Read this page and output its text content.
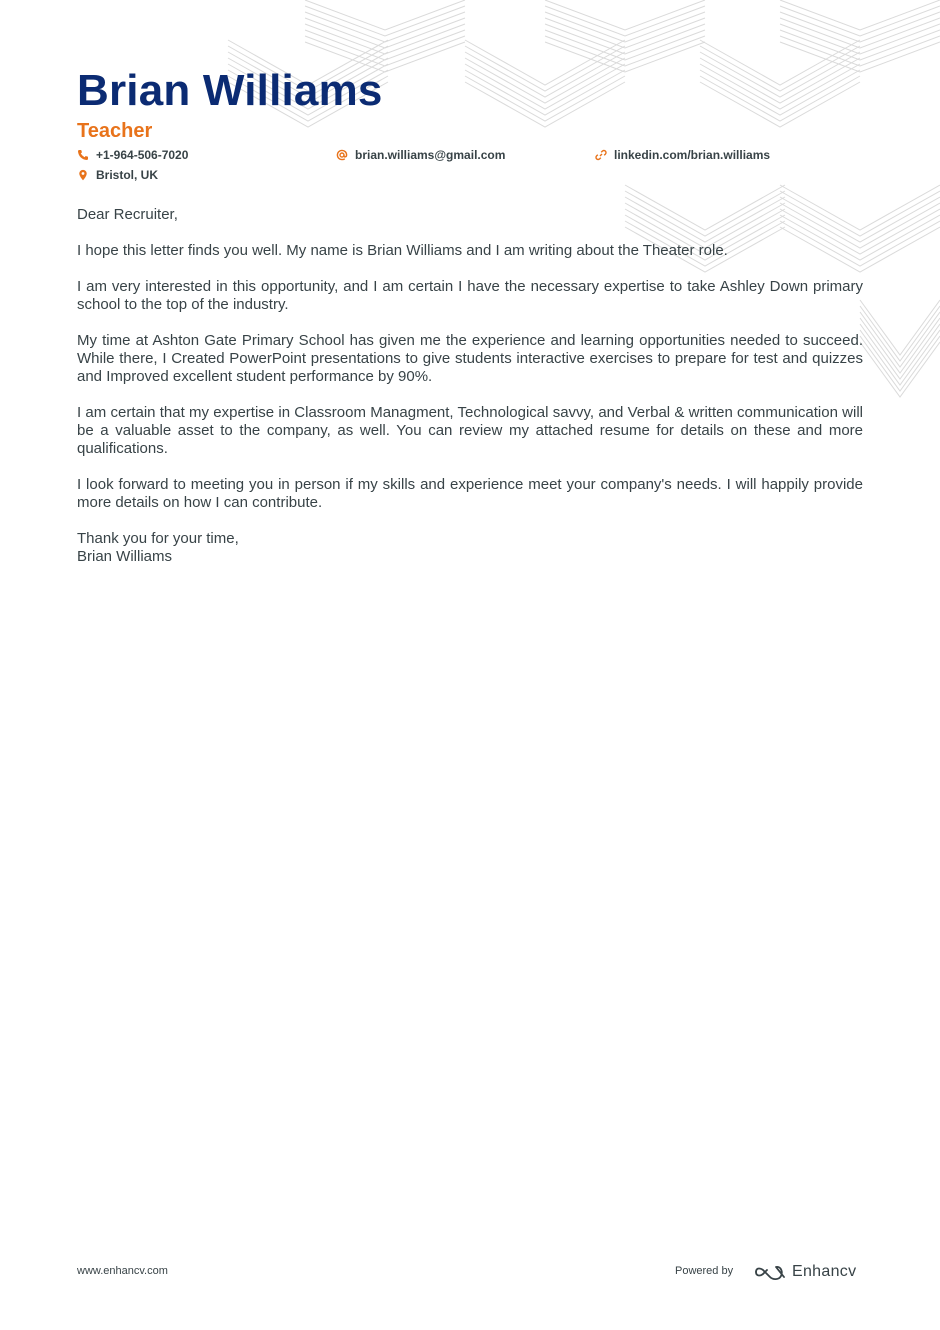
Brian Williams
Teacher
+1-964-506-7020	brian.williams@gmail.com	linkedin.com/brian.williams
Bristol, UK

Dear Recruiter,

I hope this letter finds you well. My name is Brian Williams and I am writing about the Theater role.

I am very interested in this opportunity, and I am certain I have the necessary expertise to take Ashley Down primary school to the top of the industry.

My time at Ashton Gate Primary School has given me the experience and learning opportunities needed to succeed. While there, I Created PowerPoint presentations to give students interactive exercises to prepare for test and quizzes and Improved excellent student performance by 90%.

I am certain that my expertise in Classroom Managment, Technological savvy, and Verbal & written communication will be a valuable asset to the company, as well. You can review my attached resume for details on these and more qualifications.

I look forward to meeting you in person if my skills and experience meet your company's needs. I will happily provide more details on how I can contribute.

Thank you for your time,

Brian Williams

www.enhancv.com	Powered by	Enhancv
